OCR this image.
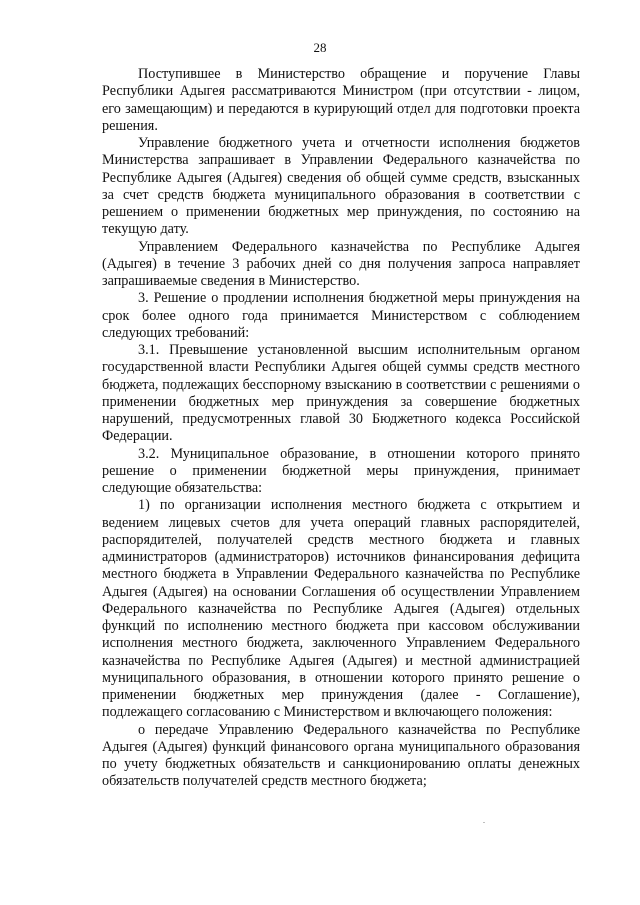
28

Поступившее в Министерство обращение и поручение Главы Республики Адыгея рассматриваются Министром (при отсутствии - лицом, его замещающим) и передаются в курирующий отдел для подготовки проекта решения.

Управление бюджетного учета и отчетности исполнения бюджетов Министерства запрашивает в Управлении Федерального казначейства по Республике Адыгея (Адыгея) сведения об общей сумме средств, взысканных за счет средств бюджета муниципального образования в соответствии с решением о применении бюджетных мер принуждения, по состоянию на текущую дату.

Управлением Федерального казначейства по Республике Адыгея (Адыгея) в течение 3 рабочих дней со дня получения запроса направляет запрашиваемые сведения в Министерство.

3. Решение о продлении исполнения бюджетной меры принуждения на срок более одного года принимается Министерством с соблюдением следующих требований:

3.1. Превышение установленной высшим исполнительным органом государственной власти Республики Адыгея общей суммы средств местного бюджета, подлежащих бесспорному взысканию в соответствии с решениями о применении бюджетных мер принуждения за совершение бюджетных нарушений, предусмотренных главой 30 Бюджетного кодекса Российской Федерации.

3.2. Муниципальное образование, в отношении которого принято решение о применении бюджетной меры принуждения, принимает следующие обязательства:

1) по организации исполнения местного бюджета с открытием и ведением лицевых счетов для учета операций главных распорядителей, распорядителей, получателей средств местного бюджета и главных администраторов (администраторов) источников финансирования дефицита местного бюджета в Управлении Федерального казначейства по Республике Адыгея (Адыгея) на основании Соглашения об осуществлении Управлением Федерального казначейства по Республике Адыгея (Адыгея) отдельных функций по исполнению местного бюджета при кассовом обслуживании исполнения местного бюджета, заключенного Управлением Федерального казначейства по Республике Адыгея (Адыгея) и местной администрацией муниципального образования, в отношении которого принято решение о применении бюджетных мер принуждения (далее - Соглашение), подлежащего согласованию с Министерством и включающего положения:

о передаче Управлению Федерального казначейства по Республике Адыгея (Адыгея) функций финансового органа муниципального образования по учету бюджетных обязательств и санкционированию оплаты денежных обязательств получателей средств местного бюджета;
